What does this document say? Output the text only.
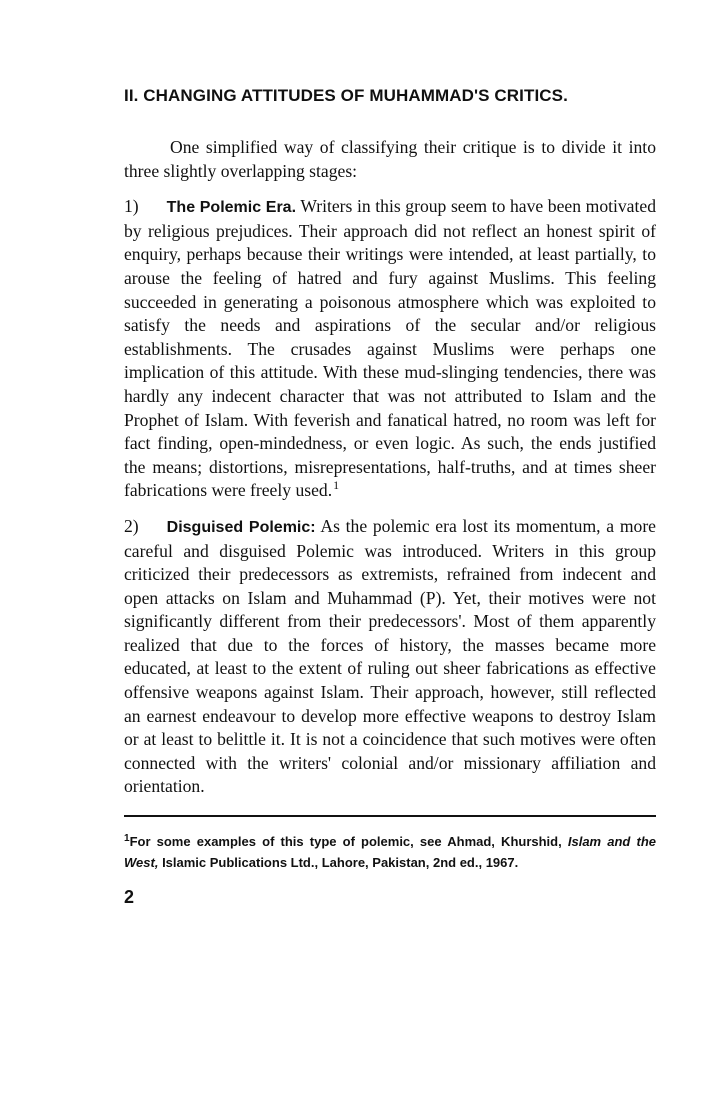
II. CHANGING ATTITUDES OF MUHAMMAD'S CRITICS.

One simplified way of classifying their critique is to divide it into three slightly overlapping stages:

1) The Polemic Era. Writers in this group seem to have been motivated by religious prejudices. Their approach did not reflect an honest spirit of enquiry, perhaps because their writings were intended, at least partially, to arouse the feeling of hatred and fury against Muslims. This feeling succeeded in generating a poisonous atmosphere which was exploited to satisfy the needs and aspirations of the secular and/or religious establishments. The crusades against Muslims were perhaps one implication of this attitude. With these mud-slinging tendencies, there was hardly any indecent character that was not attributed to Islam and the Prophet of Islam. With feverish and fanatical hatred, no room was left for fact finding, open-mindedness, or even logic. As such, the ends justified the means; distortions, misrepresentations, half-truths, and at times sheer fabrications were freely used.$^1$

2) Disguised Polemic: As the polemic era lost its momentum, a more careful and disguised Polemic was introduced. Writers in this group criticized their predecessors as extremists, refrained from indecent and open attacks on Islam and Muhammad (P). Yet, their motives were not significantly different from their predecessors'. Most of them apparently realized that due to the forces of history, the masses became more educated, at least to the extent of ruling out sheer fabrications as effective offensive weapons against Islam. Their approach, however, still reflected an earnest endeavour to develop more effective weapons to destroy Islam or at least to belittle it. It is not a coincidence that such motives were often connected with the writers' colonial and/or missionary affiliation and orientation.

$^1$For some examples of this type of polemic, see Ahmad, Khurshid, Islam and the West, Islamic Publications Ltd., Lahore, Pakistan, 2nd ed., 1967.

2
